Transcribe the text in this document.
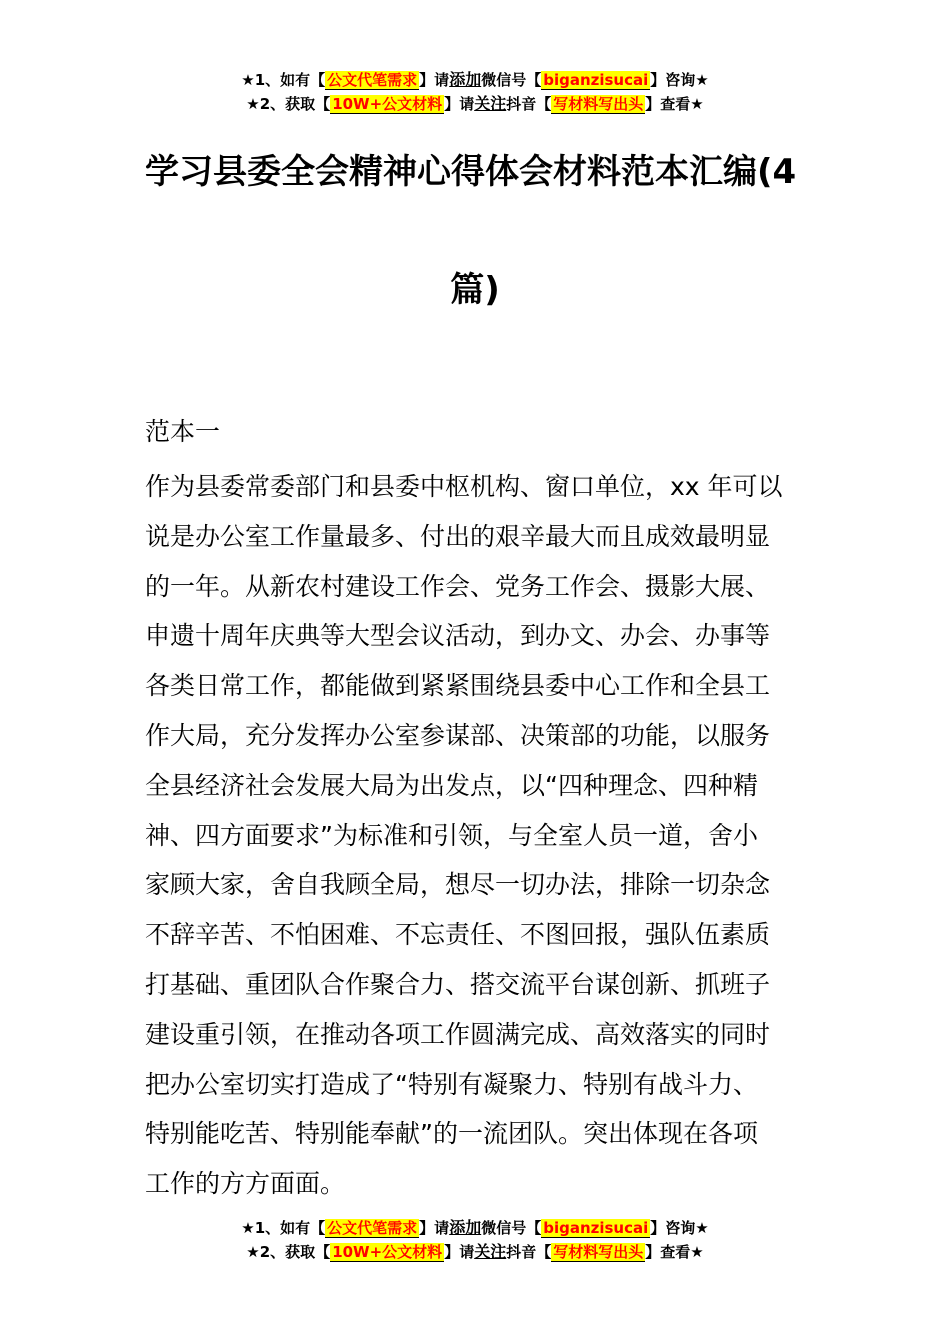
★1、如有【 公文代笔需求 】请添加微信号【 biganzisucai 】咨询★
★2、获取【 10W+公文材料 】请关注抖音【 写材料写出头 】查看★
学习县委全会精神心得体会材料范本汇编(4
篇)
范本一
作为县委常委部门和县委中枢机构、窗口单位，xx 年可以
说是办公室工作量最多、付出的艰辛最大而且成效最明显
的一年。从新农村建设工作会、党务工作会、摄影大展、
申遗十周年庆典等大型会议活动，到办文、办会、办事等
各类日常工作，都能做到紧紧围绕县委中心工作和全县工
作大局，充分发挥办公室参谋部、决策部的功能，以服务
全县经济社会发展大局为出发点，以“四种理念、四种精
神、四方面要求”为标准和引领，与全室人员一道，舍小
家顾大家，舍自我顾全局，想尽一切办法，排除一切杂念
不辞辛苦、不怕困难、不忘责任、不图回报，强队伍素质
打基础、重团队合作聚合力、搭交流平台谋创新、抓班子
建设重引领，在推动各项工作圆满完成、高效落实的同时
把办公室切实打造成了“特别有凝聚力、特别有战斗力、
特别能吃苦、特别能奉献”的一流团队。突出体现在各项
工作的方方面面。
★1、如有【 公文代笔需求 】请添加微信号【 biganzisucai 】咨询★
★2、获取【 10W+公文材料 】请关注抖音【 写材料写出头 】查看★
